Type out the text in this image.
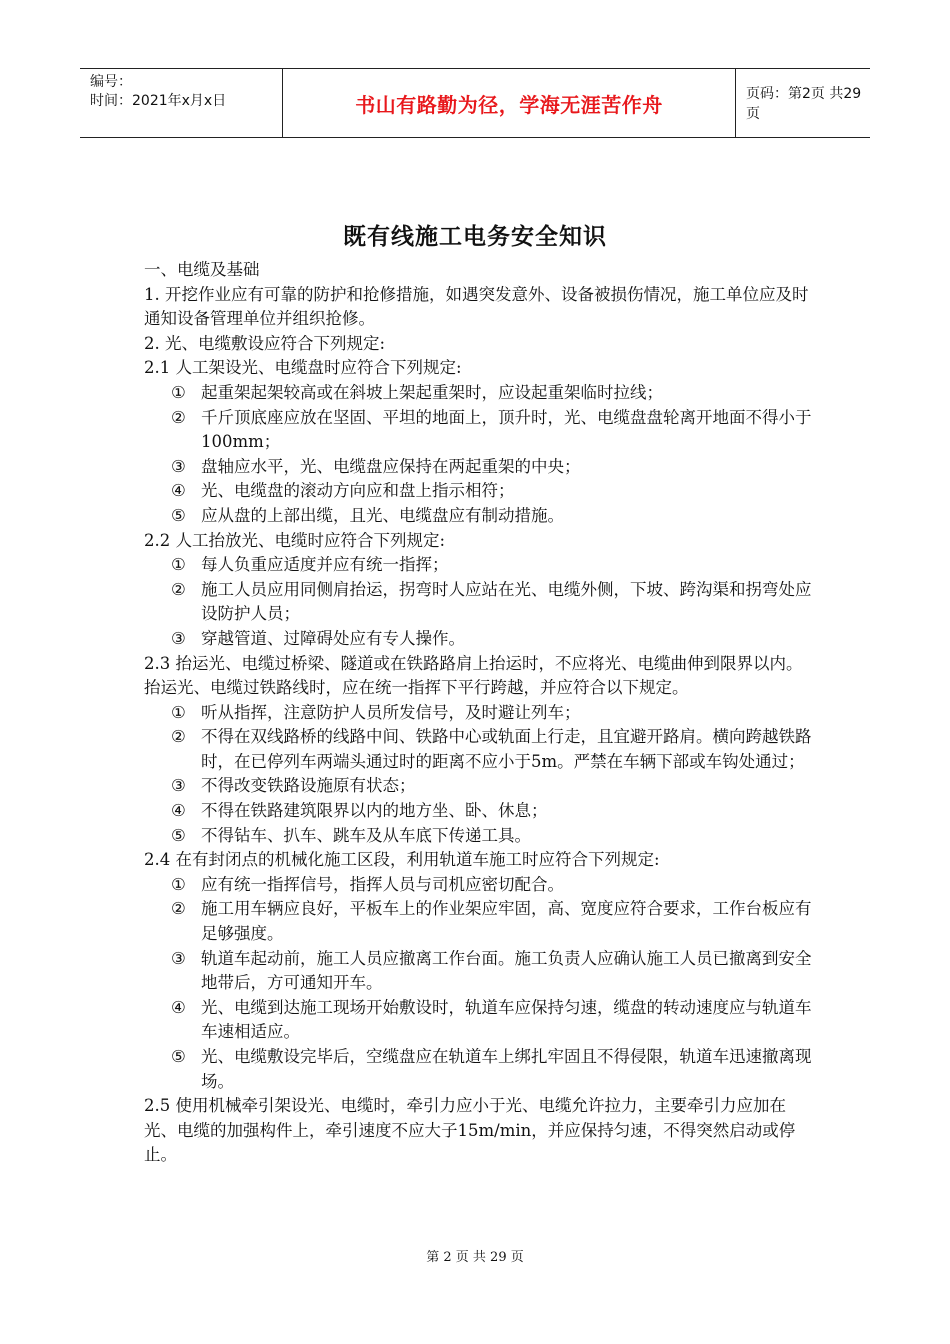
编号：
时间：2021年x月x日	书山有路勤为径，学海无涯苦作舟	页码：第2页 共29页
既有线施工电务安全知识

一、电缆及基础

1. 开挖作业应有可靠的防护和抢修措施，如遇突发意外、设备被损伤情况，施工单位应及时通知设备管理单位并组织抢修。

2. 光、电缆敷设应符合下列规定:

2.1 人工架设光、电缆盘时应符合下列规定:

① 起重架起架较高或在斜坡上架起重架时，应设起重架临时拉线；
② 千斤顶底座应放在坚固、平坦的地面上，顶升时，光、电缆盘盘轮离开地面不得小于100mm；
③ 盘轴应水平，光、电缆盘应保持在两起重架的中央；
④ 光、电缆盘的滚动方向应和盘上指示相符；
⑤ 应从盘的上部出缆，且光、电缆盘应有制动措施。

2.2 人工抬放光、电缆时应符合下列规定:

① 每人负重应适度并应有统一指挥；
② 施工人员应用同侧肩抬运，拐弯时人应站在光、电缆外侧，下坡、跨沟渠和拐弯处应设防护人员；
③ 穿越管道、过障碍处应有专人操作。

2.3 抬运光、电缆过桥梁、隧道或在铁路路肩上抬运时，不应将光、电缆曲伸到限界以内。抬运光、电缆过铁路线时，应在统一指挥下平行跨越，并应符合以下规定。

① 听从指挥，注意防护人员所发信号，及时避让列车；
② 不得在双线路桥的线路中间、铁路中心或轨面上行走，且宜避开路肩。横向跨越铁路时，在已停列车两端头通过时的距离不应小于5m。严禁在车辆下部或车钩处通过；
③ 不得改变铁路设施原有状态；
④ 不得在铁路建筑限界以内的地方坐、卧、休息；
⑤ 不得钻车、扒车、跳车及从车底下传递工具。

2.4 在有封闭点的机械化施工区段，利用轨道车施工时应符合下列规定:

① 应有统一指挥信号，指挥人员与司机应密切配合。
② 施工用车辆应良好，平板车上的作业架应牢固，高、宽度应符合要求，工作台板应有足够强度。
③ 轨道车起动前，施工人员应撤离工作台面。施工负责人应确认施工人员已撤离到安全地带后，方可通知开车。
④ 光、电缆到达施工现场开始敷设时，轨道车应保持匀速，缆盘的转动速度应与轨道车车速相适应。
⑤ 光、电缆敷设完毕后，空缆盘应在轨道车上绑扎牢固且不得侵限，轨道车迅速撤离现场。

2.5 使用机械牵引架设光、电缆时，牵引力应小于光、电缆允许拉力，主要牵引力应加在光、电缆的加强构件上，牵引速度不应大子15m/min，并应保持匀速，不得突然启动或停止。

第 2 页 共 29 页
